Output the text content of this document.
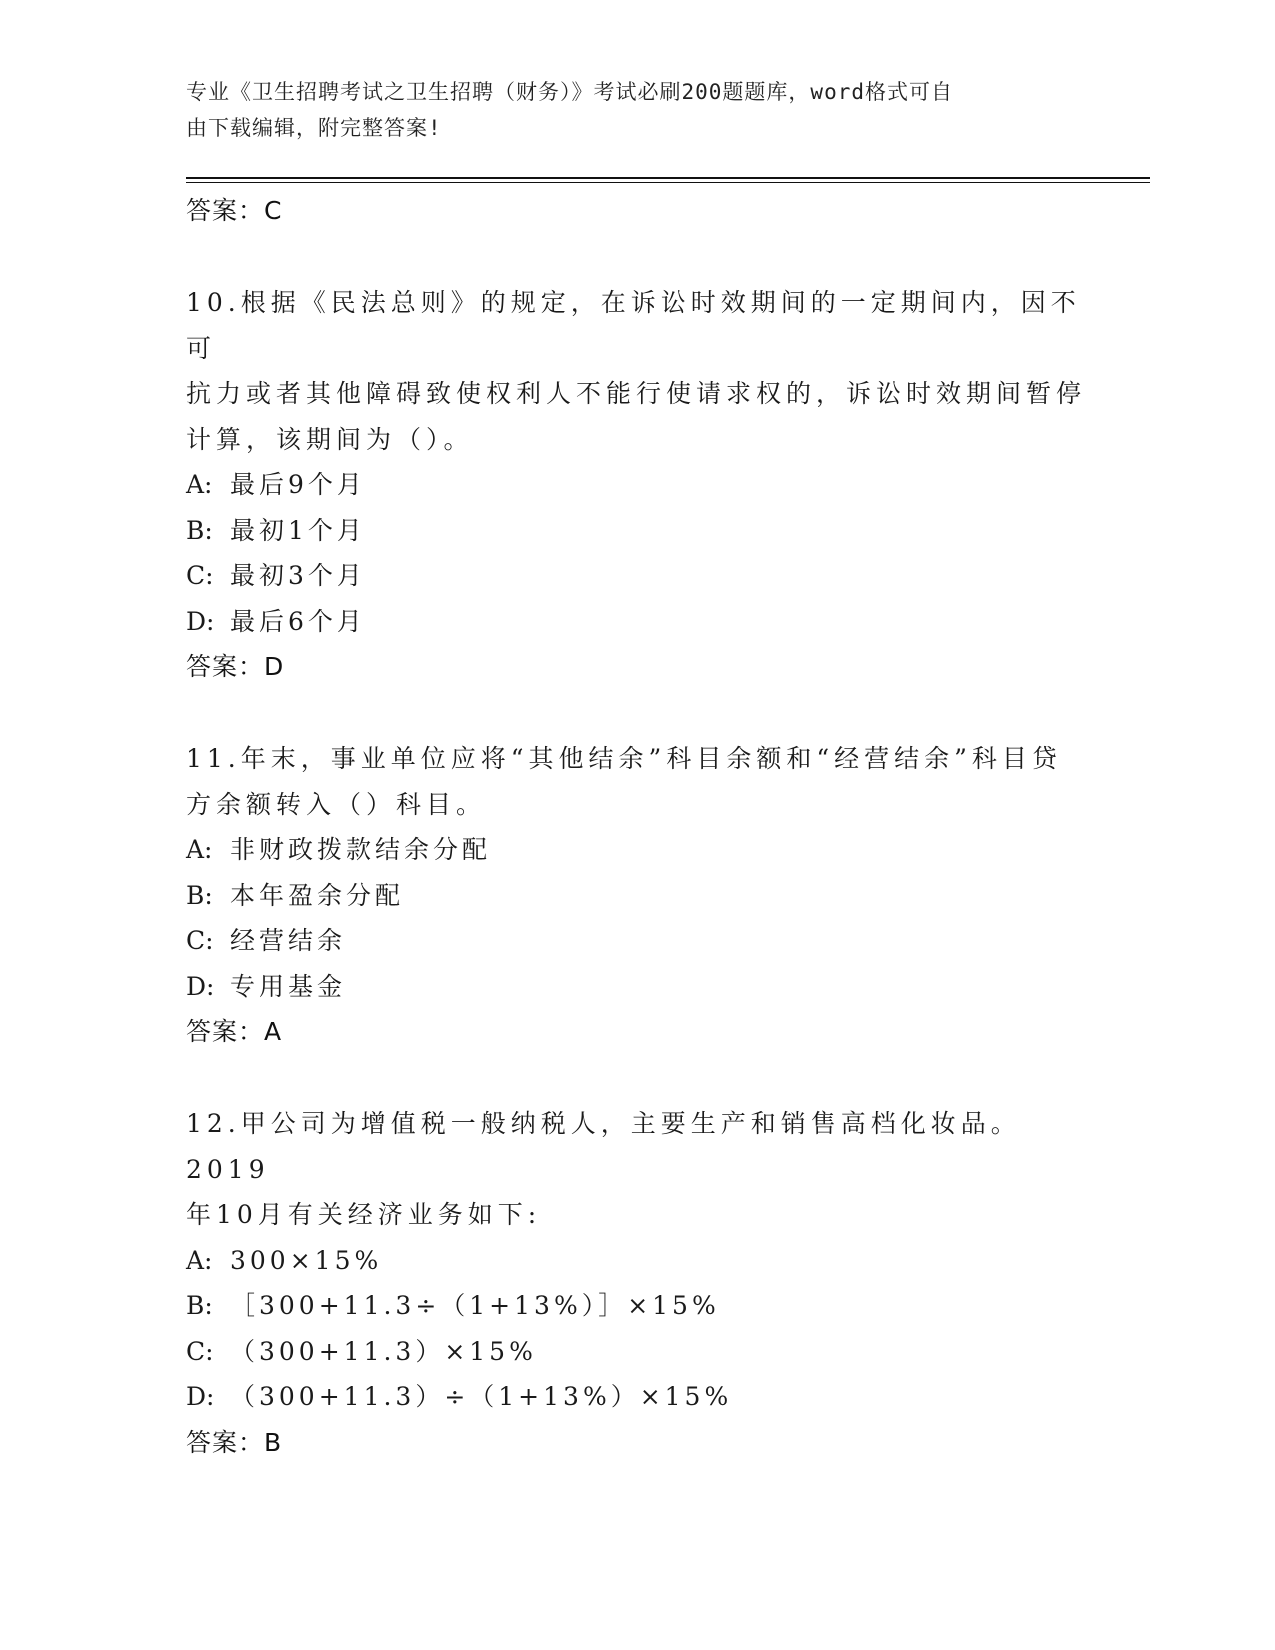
专业《卫生招聘考试之卫生招聘（财务）》考试必刷200题题库，word格式可自
由下载编辑，附完整答案!
答案：C
10.根据《民法总则》的规定，在诉讼时效期间的一定期间内，因不可
抗力或者其他障碍致使权利人不能行使请求权的，诉讼时效期间暂停
计算，该期间为（）。
A: 最后9个月
B: 最初1个月
C: 最初3个月
D: 最后6个月
答案：D
11.年末，事业单位应将“其他结余”科目余额和“经营结余”科目贷
方余额转入（）科目。
A: 非财政拨款结余分配
B: 本年盈余分配
C: 经营结余
D: 专用基金
答案：A
12.甲公司为增值税一般纳税人，主要生产和销售高档化妆品。2019
年10月有关经济业务如下:
A: 300×15%
B: ［300+11.3÷（1+13%）］×15%
C: （300+11.3）×15%
D: （300+11.3）÷（1+13%）×15%
答案：B
